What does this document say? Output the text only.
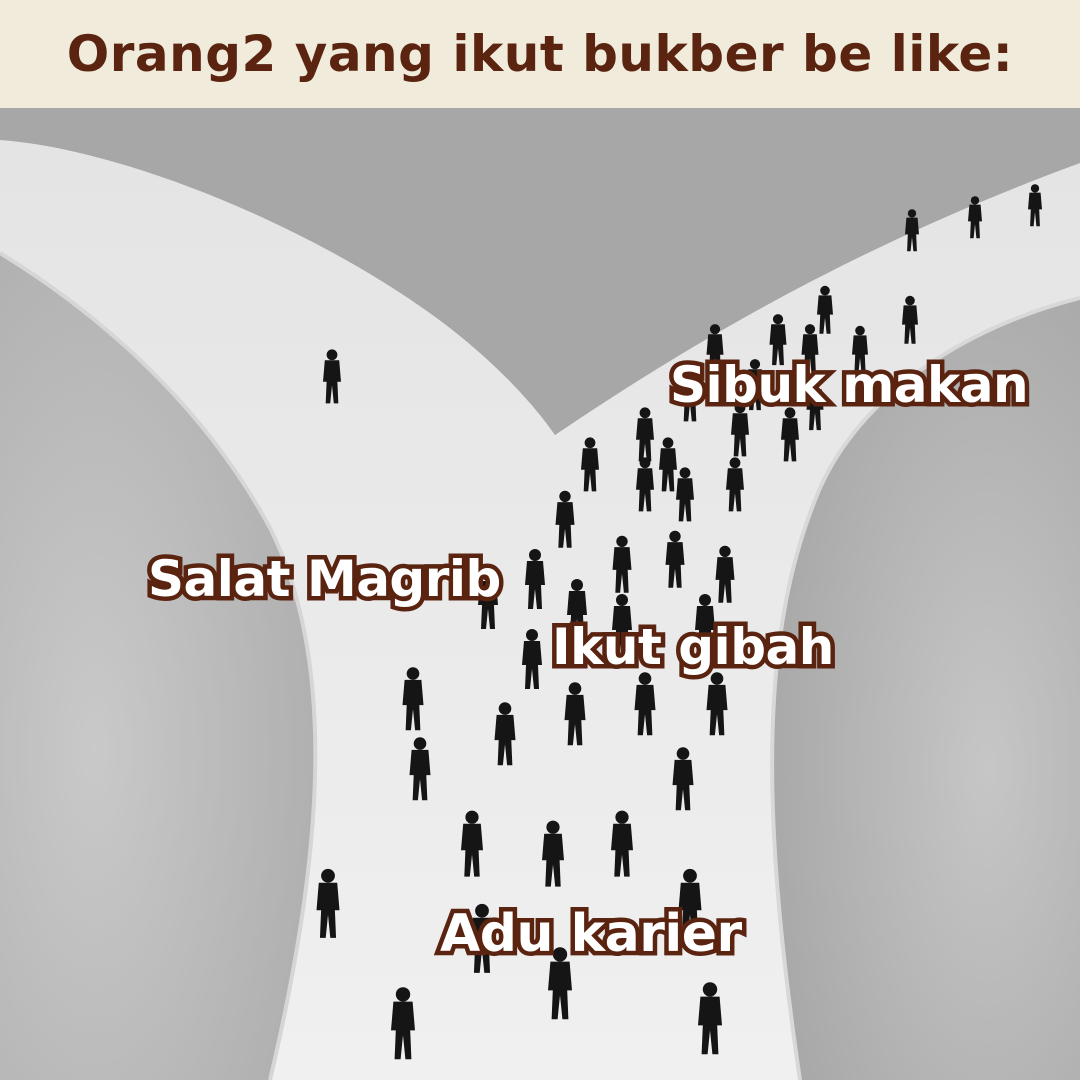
Orang2 yang ikut bukber be like:
Sibuk makan
Salat Magrib
Ikut gibah
Adu karier
